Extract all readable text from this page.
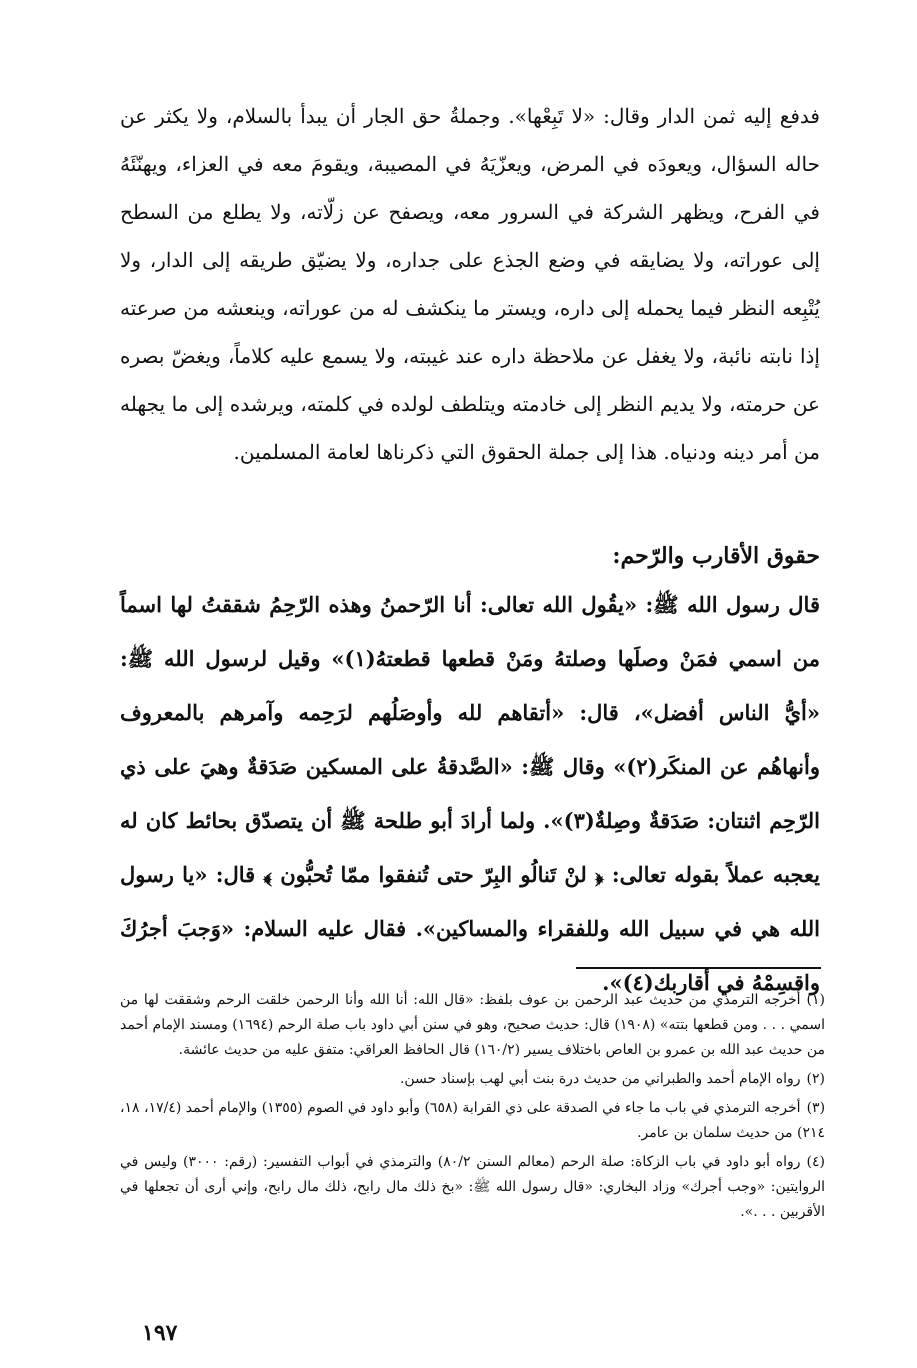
فدفع إليه ثمن الدار وقال: «لا تَبِعْها». وجملةُ حق الجار أن يبدأ بالسلام، ولا يكثر عن حاله السؤال، ويعودَه في المرض، ويعزّيَهُ في المصيبة، ويقومَ معه في العزاء، ويهنّئَهُ في الفرح، ويظهر الشركة في السرور معه، ويصفح عن زلّاته، ولا يطلع من السطح إلى عوراته، ولا يضايقه في وضع الجذع على جداره، ولا يضيّق طريقه إلى الدار، ولا يُتْبِعه النظر فيما يحمله إلى داره، ويستر ما ينكشف له من عوراته، وينعشه من صرعته إذا نابته نائبة، ولا يغفل عن ملاحظة داره عند غيبته، ولا يسمع عليه كلاماً، ويغضّ بصره عن حرمته، ولا يديم النظر إلى خادمته ويتلطف لولده في كلمته، ويرشده إلى ما يجهله من أمر دينه ودنياه. هذا إلى جملة الحقوق التي ذكرناها لعامة المسلمين.

حقوق الأقارب والرّحم:

قال رسول الله ﷺ: «يقُول الله تعالى: أنا الرّحمنُ وهذه الرّحِمُ شققتُ لها اسماً من اسمي فمَنْ وصلَها وصلتهُ ومَنْ قطعها قطعتهُ(١)» وقيل لرسول الله ﷺ: «أيُّ الناس أفضل»، قال: «أتقاهم لله وأوصَلُهم لرَحِمه وآمرهم بالمعروف وأنهاهُم عن المنكَر(٢)» وقال ﷺ: «الصَّدقةُ على المسكين صَدَقةٌ وهيَ على ذي الرّحِم اثنتان: صَدَقةٌ وصِلةٌ(٣)». ولما أرادَ أبو طلحة ﷺ أن يتصدّق بحائط كان له يعجبه عملاً بقوله تعالى: ﴿ لنْ تَنالُو البِرّ حتى تُنفقوا ممّا تُحبُّون ﴾ قال: «يا رسول الله هي في سبيل الله وللفقراء والمساكين». فقال عليه السلام: «وَجبَ أجرُكَ واقسِمْهُ في أقاربك(٤)».

(١)أخرجه الترمذي من حديث عبد الرحمن بن عوف بلفظ: «قال الله: أنا الله وأنا الرحمن خلقت الرحم وشققت لها من اسمي . . . ومن قطعها بتته» (١٩٠٨) قال: حديث صحيح، وهو في سنن أبي داود باب صلة الرحم (١٦٩٤) ومسند الإمام أحمد من حديث عبد الله بن عمرو بن العاص باختلاف يسير (١٦٠/٢) قال الحافظ العراقي: متفق عليه من حديث عائشة.

(٢)رواه الإمام أحمد والطبراني من حديث درة بنت أبي لهب بإسناد حسن.

(٣)أخرجه الترمذي في باب ما جاء في الصدقة على ذي القرابة (٦٥٨) وأبو داود في الصوم (١٣٥٥) والإمام أحمد (١٧/٤، ١٨، ٢١٤) من حديث سلمان بن عامر.

(٤)رواه أبو داود في باب الزكاة: صلة الرحم (معالم السنن ٨٠/٢) والترمذي في أبواب التفسير: (رقم: ٣٠٠٠) وليس في الروايتين: «وجب أجرك» وزاد البخاري: «قال رسول الله ﷺ: «بخ ذلك مال رابح، ذلك مال رابح، وإني أرى أن تجعلها في الأقربين . . .».

١٩٧
